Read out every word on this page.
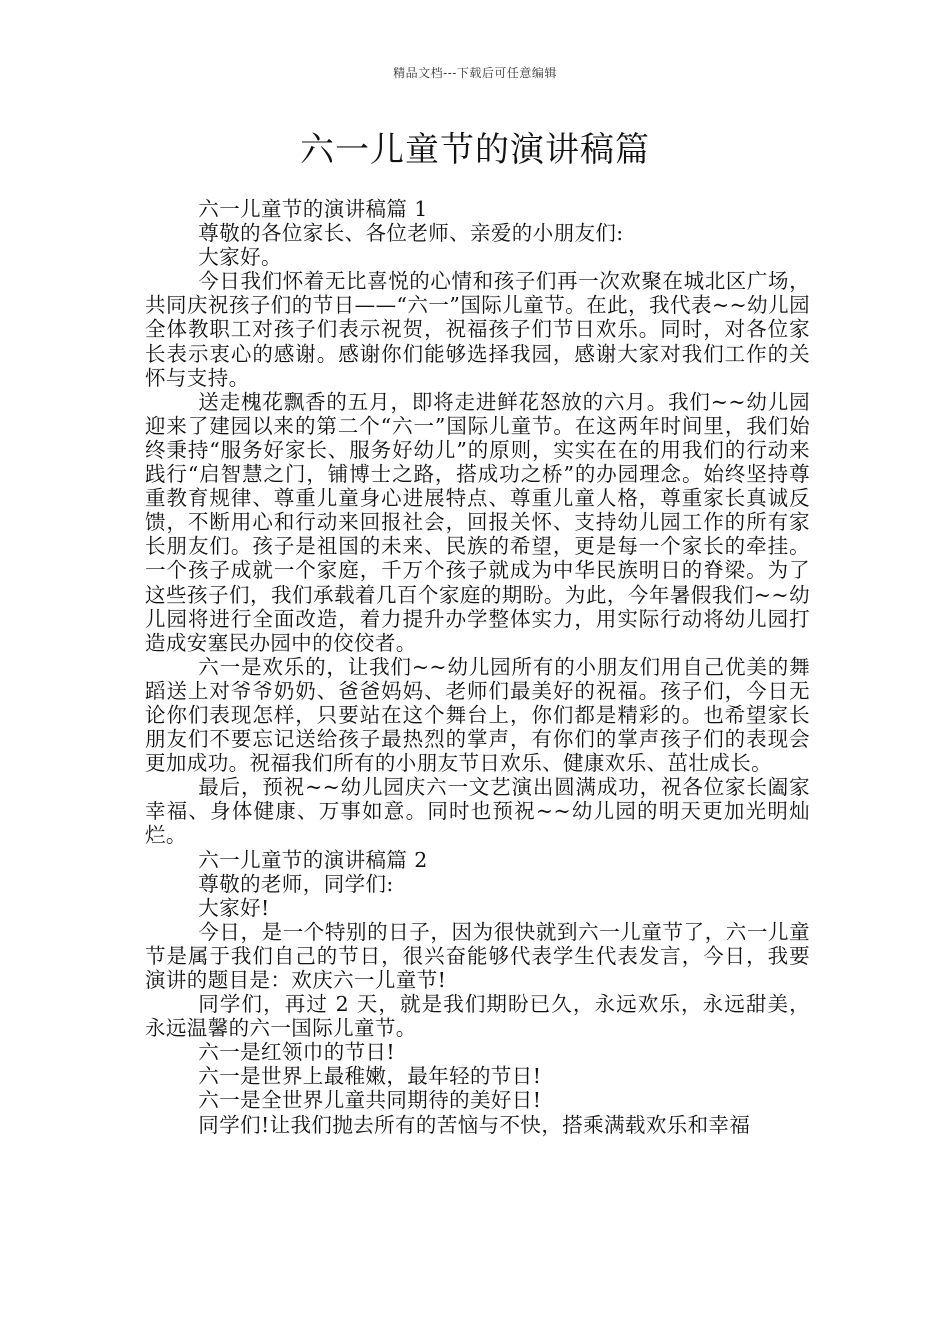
精品文档---下载后可任意编辑
六一儿童节的演讲稿篇

六一儿童节的演讲稿篇 1

尊敬的各位家长、各位老师、亲爱的小朋友们:

大家好。

今日我们怀着无比喜悦的心情和孩子们再一次欢聚在城北区广场，共同庆祝孩子们的节日——“六一”国际儿童节。在此，我代表~~幼儿园全体教职工对孩子们表示祝贺，祝福孩子们节日欢乐。同时，对各位家长表示衷心的感谢。感谢你们能够选择我园，感谢大家对我们工作的关怀与支持。

送走槐花飘香的五月，即将走进鲜花怒放的六月。我们~~幼儿园迎来了建园以来的第二个“六一”国际儿童节。在这两年时间里，我们始终秉持“服务好家长、服务好幼儿”的原则，实实在在的用我们的行动来践行“启智慧之门，铺博士之路，搭成功之桥”的办园理念。始终坚持尊重教育规律、尊重儿童身心进展特点、尊重儿童人格，尊重家长真诚反馈，不断用心和行动来回报社会，回报关怀、支持幼儿园工作的所有家长朋友们。孩子是祖国的未来、民族的希望，更是每一个家长的牵挂。一个孩子成就一个家庭，千万个孩子就成为中华民族明日的脊梁。为了这些孩子们，我们承载着几百个家庭的期盼。为此，今年暑假我们~~幼儿园将进行全面改造，着力提升办学整体实力，用实际行动将幼儿园打造成安塞民办园中的佼佼者。

六一是欢乐的，让我们~~幼儿园所有的小朋友们用自己优美的舞蹈送上对爷爷奶奶、爸爸妈妈、老师们最美好的祝福。孩子们，今日无论你们表现怎样，只要站在这个舞台上，你们都是精彩的。也希望家长朋友们不要忘记送给孩子最热烈的掌声，有你们的掌声孩子们的表现会更加成功。祝福我们所有的小朋友节日欢乐、健康欢乐、茁壮成长。

最后，预祝~~幼儿园庆六一文艺演出圆满成功，祝各位家长阖家幸福、身体健康、万事如意。同时也预祝~~幼儿园的明天更加光明灿烂。

六一儿童节的演讲稿篇 2

尊敬的老师，同学们:

大家好!

今日，是一个特别的日子，因为很快就到六一儿童节了，六一儿童节是属于我们自己的节日，很兴奋能够代表学生代表发言，今日，我要演讲的题目是：欢庆六一儿童节!

同学们，再过 2 天，就是我们期盼已久，永远欢乐，永远甜美，永远温馨的六一国际儿童节。

六一是红领巾的节日!

六一是世界上最稚嫩，最年轻的节日!

六一是全世界儿童共同期待的美好日!

同学们!让我们抛去所有的苦恼与不快，搭乘满载欢乐和幸福
